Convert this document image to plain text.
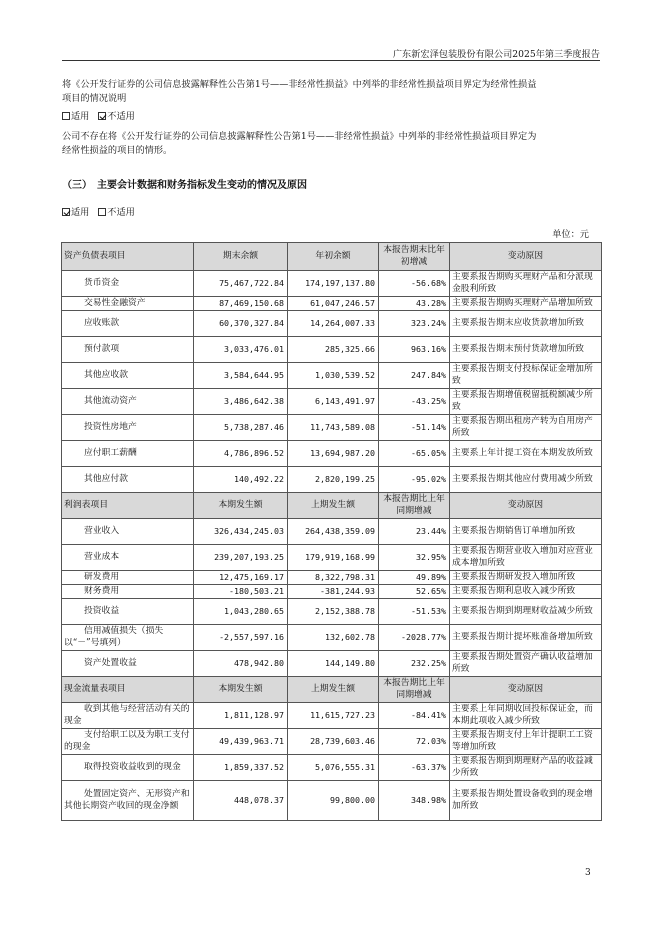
广东新宏泽包装股份有限公司2025年第三季度报告
将《公开发行证券的公司信息披露解释性公告第1号——非经常性损益》中列举的非经常性损益项目界定为经常性损益
项目的情况说明
适用 不适用
公司不存在将《公开发行证券的公司信息披露解释性公告第1号——非经常性损益》中列举的非经常性损益项目界定为
经常性损益的项目的情形。
（三）　主要会计数据和财务指标发生变动的情况及原因
适用 不适用
单位：元
资产负债表项目	期末余额	年初余额	本报告期末比年初增减	变动原因
货币资金	75,467,722.84	174,197,137.80	-56.68%	主要系报告期购买理财产品和分派现金股利所致
交易性金融资产	87,469,150.68	61,047,246.57	43.28%	主要系报告期购买理财产品增加所致
应收账款	60,370,327.84	14,264,007.33	323.24%	主要系报告期末应收货款增加所致
预付款项	3,033,476.01	285,325.66	963.16%	主要系报告期末预付货款增加所致
其他应收款	3,584,644.95	1,030,539.52	247.84%	主要系报告期支付投标保证金增加所致
其他流动资产	3,486,642.38	6,143,491.97	-43.25%	主要系报告期增值税留抵税额减少所致
投资性房地产	5,738,287.46	11,743,589.08	-51.14%	主要系报告期出租房产转为自用房产所致
应付职工薪酬	4,786,896.52	13,694,987.20	-65.05%	主要系上年计提工资在本期发放所致
其他应付款	140,492.22	2,820,199.25	-95.02%	主要系报告期其他应付费用减少所致
利润表项目	本期发生额	上期发生额	本报告期比上年同期增减	变动原因
营业收入	326,434,245.03	264,438,359.09	23.44%	主要系报告期销售订单增加所致
营业成本	239,207,193.25	179,919,168.99	32.95%	主要系报告期营业收入增加对应营业成本增加所致
研发费用	12,475,169.17	8,322,798.31	49.89%	主要系报告期研发投入增加所致
财务费用	-180,503.21	-381,244.93	52.65%	主要系报告期利息收入减少所致
投资收益	1,043,280.65	2,152,388.78	-51.53%	主要系报告期到期理财收益减少所致
信用减值损失（损失以“－”号填列）	-2,557,597.16	132,602.78	-2028.77%	主要系报告期计提坏账准备增加所致
资产处置收益	478,942.80	144,149.80	232.25%	主要系报告期处置资产确认收益增加所致
现金流量表项目	本期发生额	上期发生额	本报告期比上年同期增减	变动原因
收到其他与经营活动有关的现金	1,811,128.97	11,615,727.23	-84.41%	主要系上年同期收回投标保证金，而本期此项收入减少所致
支付给职工以及为职工支付的现金	49,439,963.71	28,739,603.46	72.03%	主要系报告期支付上年计提职工工资等增加所致
取得投资收益收到的现金	1,859,337.52	5,076,555.31	-63.37%	主要系报告期到期理财产品的收益减少所致
处置固定资产、无形资产和其他长期资产收回的现金净额	448,078.37	99,800.00	348.98%	主要系报告期处置设备收到的现金增加所致
3
